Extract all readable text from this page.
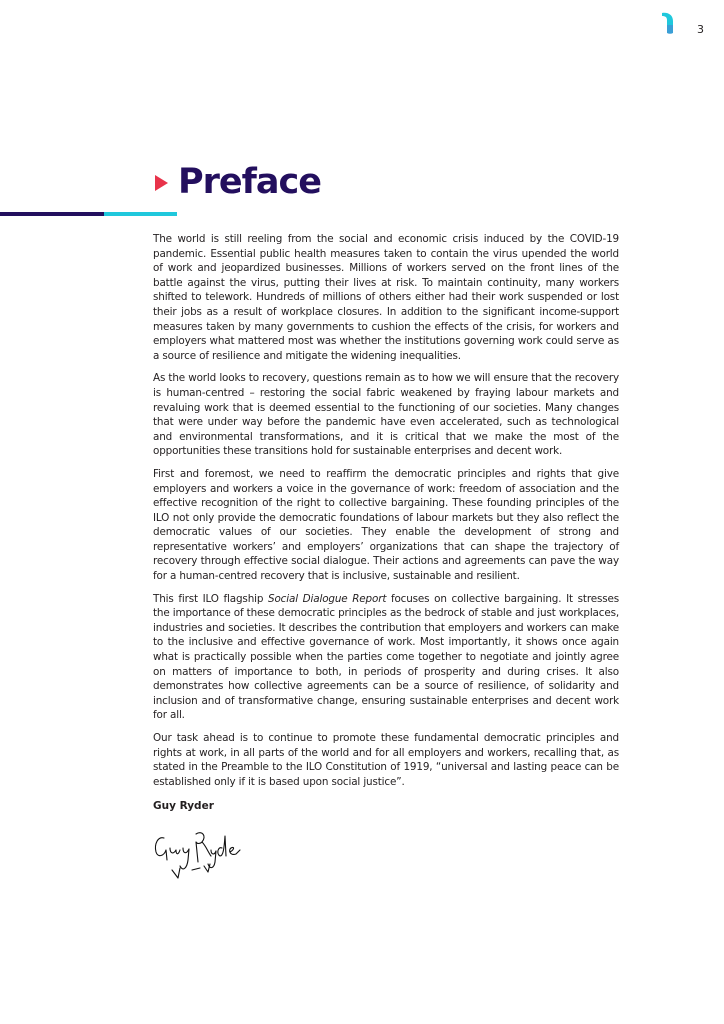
3
Preface

The world is still reeling from the social and economic crisis induced by the COVID-19 pandemic. Essential public health measures taken to contain the virus upended the world of work and jeopardized businesses. Millions of workers served on the front lines of the battle against the virus, putting their lives at risk. To maintain continuity, many workers shifted to telework. Hundreds of millions of others either had their work suspended or lost their jobs as a result of workplace closures. In addition to the significant income-support measures taken by many governments to cushion the effects of the crisis, for workers and employers what mattered most was whether the institutions governing work could serve as a source of resilience and mitigate the widening inequalities.

As the world looks to recovery, questions remain as to how we will ensure that the recovery is human-centred – restoring the social fabric weakened by fraying labour markets and revaluing work that is deemed essential to the functioning of our societies. Many changes that were under way before the pandemic have even accelerated, such as technological and environmental transformations, and it is critical that we make the most of the opportunities these transitions hold for sustainable enterprises and decent work.

First and foremost, we need to reaffirm the democratic principles and rights that give employers and workers a voice in the governance of work: freedom of association and the effective recognition of the right to collective bargaining. These founding principles of the ILO not only provide the democratic foundations of labour markets but they also reflect the democratic values of our societies. They enable the development of strong and representative workers’ and employers’ organizations that can shape the trajectory of recovery through effective social dialogue. Their actions and agreements can pave the way for a human-centred recovery that is inclusive, sustainable and resilient.

This first ILO flagship Social Dialogue Report focuses on collective bargaining. It stresses the importance of these democratic principles as the bedrock of stable and just workplaces, industries and societies. It describes the contribution that employers and workers can make to the inclusive and effective governance of work. Most importantly, it shows once again what is practically possible when the parties come together to negotiate and jointly agree on matters of importance to both, in periods of prosperity and during crises. It also demonstrates how collective agreements can be a source of resilience, of solidarity and inclusion and of transformative change, ensuring sustainable enterprises and decent work for all.

Our task ahead is to continue to promote these fundamental democratic principles and rights at work, in all parts of the world and for all employers and workers, recalling that, as stated in the Preamble to the ILO Constitution of 1919, “universal and lasting peace can be established only if it is based upon social justice”.

Guy Ryder
